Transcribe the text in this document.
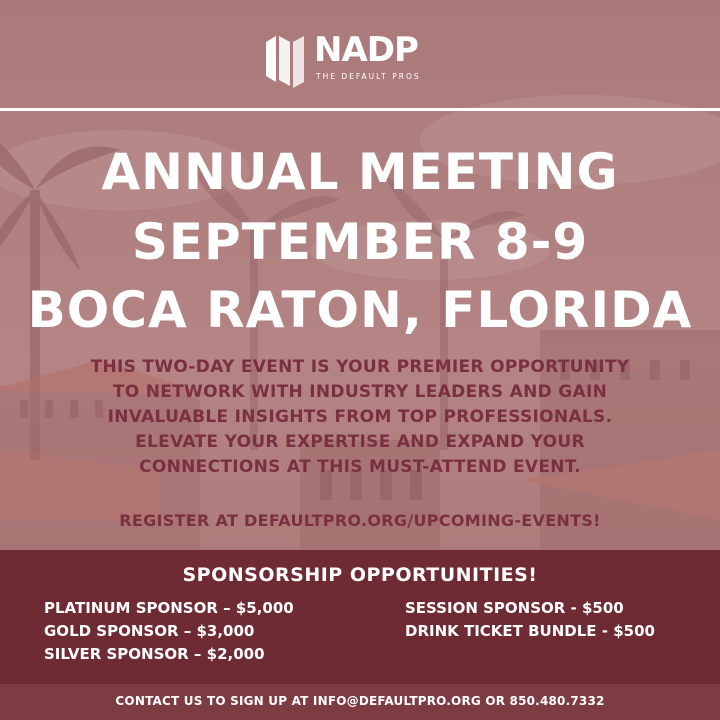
NADP
THE DEFAULT PROS
ANNUAL MEETING
SEPTEMBER 8-9
BOCA RATON, FLORIDA
THIS TWO-DAY EVENT IS YOUR PREMIER OPPORTUNITY
TO NETWORK WITH INDUSTRY LEADERS AND GAIN
INVALUABLE INSIGHTS FROM TOP PROFESSIONALS.
ELEVATE YOUR EXPERTISE AND EXPAND YOUR
CONNECTIONS AT THIS MUST-ATTEND EVENT.
REGISTER AT DEFAULTPRO.ORG/UPCOMING-EVENTS!
SPONSORSHIP OPPORTUNITIES!
PLATINUM SPONSOR – $5,000
GOLD SPONSOR – $3,000
SILVER SPONSOR – $2,000
SESSION SPONSOR - $500
DRINK TICKET BUNDLE - $500
CONTACT US TO SIGN UP AT INFO@DEFAULTPRO.ORG OR 850.480.7332
